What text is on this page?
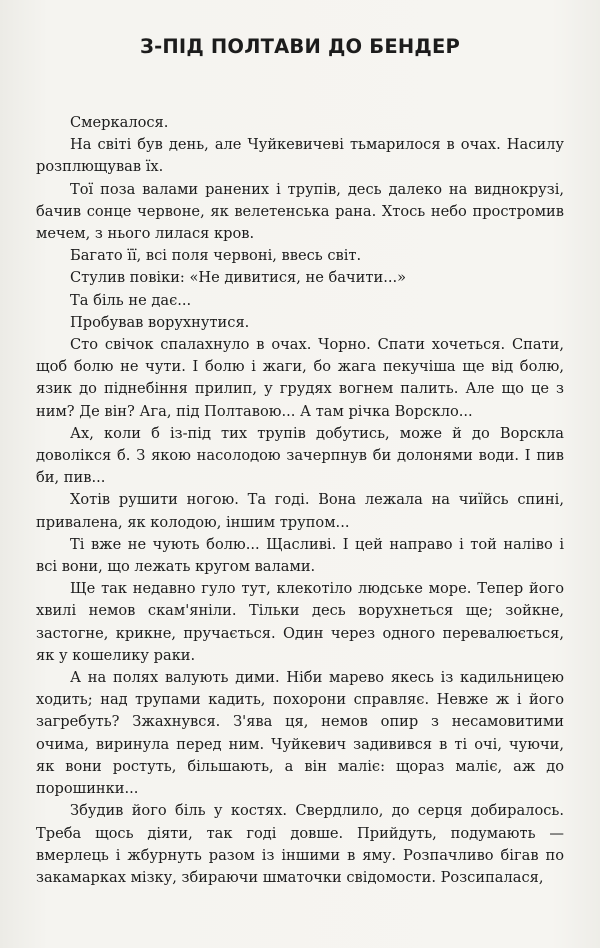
З-ПІД ПОЛТАВИ ДО БЕНДЕР

Смеркалося.

На світі був день, але Чуйкевичеві тьмарилося в очах. Насилу розплющував їх.

Тої поза валами ранених і трупів, десь далеко на виднокрузі, бачив сонце червоне, як велетенська рана. Хтось небо простромив мечем, з нього лилася кров.

Багато її, всі поля червоні, ввесь світ.

Стулив повіки: «Не дивитися, не бачити...»

Та біль не дає...

Пробував ворухнутися.

Сто свічок спалахнуло в очах. Чорно. Спати хочеться. Спати, щоб болю не чути. І болю і жаги, бо жага пекучіша ще від болю, язик до піднебіння прилип, у грудях вогнем палить. Але що це з ним? Де він? Ага, під Полтавою... А там річка Ворскло...

Ах, коли б із-під тих трупів добутись, може й до Ворскла доволікся б. З якою насолодою зачерпнув би долонями води. І пив би, пив...

Хотів рушити ногою. Та годі. Вона лежала на чиїйсь спині, привалена, як колодою, іншим трупом...

Ті вже не чують болю... Щасливі. І цей направо і той наліво і всі вони, що лежать кругом валами.

Ще так недавно гуло тут, клекотіло людське море. Тепер його хвилі немов скам'яніли. Тільки десь ворухнеться ще; зойкне, застогне, крикне, пручається. Один через одного перевалюється, як у кошелику раки.

А на полях валують дими. Ніби марево якесь із кадильницею ходить; над трупами кадить, похорони справляє. Невже ж і його загребуть? Зжахнувся. З'явa ця, немов опир з несамовитими очима, виринула перед ним. Чуйкевич задивився в ті очі, чуючи, як вони ростуть, більшають, а він маліє: щораз маліє, аж до порошинки...

Збудив його біль у костях. Свердлило, до серця добиралось. Треба щось діяти, так годі довше. Прийдуть, подумають — вмерлець і жбурнуть разом із іншими в яму. Розпачливо бігав по закамарках мізку, збираючи шматочки свідомости. Розсипалася,
